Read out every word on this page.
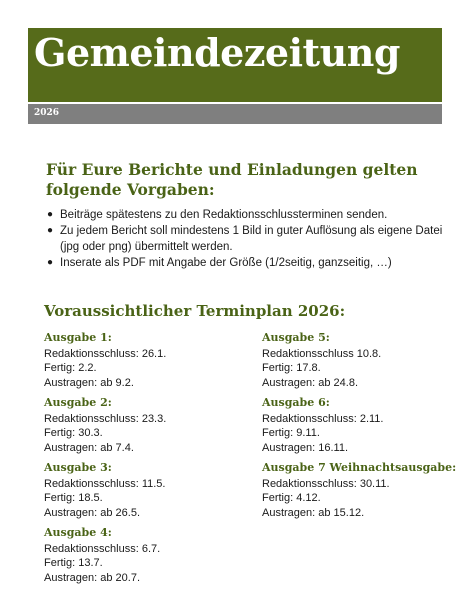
Gemeindezeitung
2026
Für Eure Berichte und Einladungen gelten folgende Vorgaben:
● Beiträge spätestens zu den Redaktionsschlussterminen senden.
● Zu jedem Bericht soll mindestens 1 Bild in guter Auflösung als eigene Datei (jpg oder png) übermittelt werden.
● Inserate als PDF mit Angabe der Größe (1/2seitig, ganzseitig, …)
Voraussichtlicher Terminplan 2026:
Ausgabe 1:
Redaktionsschluss: 26.1.
Fertig: 2.2.
Austragen: ab 9.2.
Ausgabe 2:
Redaktionsschluss: 23.3.
Fertig: 30.3.
Austragen: ab 7.4.
Ausgabe 3:
Redaktionsschluss: 11.5.
Fertig: 18.5.
Austragen: ab 26.5.
Ausgabe 4:
Redaktionsschluss: 6.7.
Fertig: 13.7.
Austragen: ab 20.7.
Ausgabe 5:
Redaktionsschluss 10.8.
Fertig: 17.8.
Austragen: ab 24.8.
Ausgabe 6:
Redaktionsschluss: 2.11.
Fertig: 9.11.
Austragen: 16.11.
Ausgabe 7 Weihnachtsausgabe:
Redaktionsschluss: 30.11.
Fertig: 4.12.
Austragen: ab 15.12.
